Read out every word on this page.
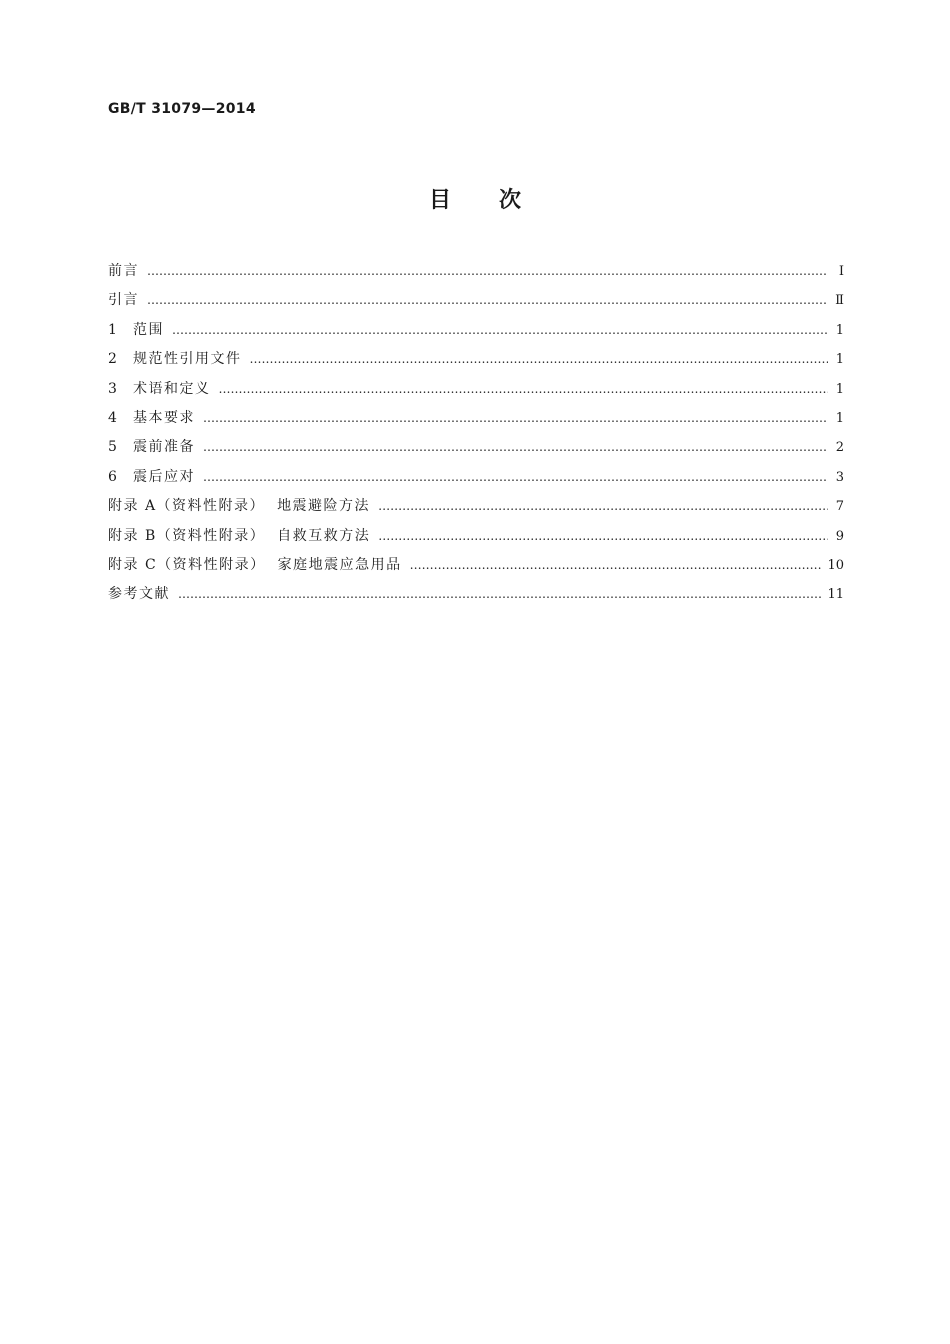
GB/T 31079—2014
目 次
前言 …………………………………………………………………………………………………………………………………………………………………………………………………………………………………	Ⅰ
引言 …………………………………………………………………………………………………………………………………………………………………………………………………………………………………	Ⅱ
1	范围 …………………………………………………………………………………………………………………………………………………………………………………………………………………………………	1
2	规范性引用文件 …………………………………………………………………………………………………………………………………………………………………………………………………………………………………	1
3	术语和定义 …………………………………………………………………………………………………………………………………………………………………………………………………………………………………	1
4	基本要求 …………………………………………………………………………………………………………………………………………………………………………………………………………………………………	1
5	震前准备 …………………………………………………………………………………………………………………………………………………………………………………………………………………………………	2
6	震后应对 …………………………………………………………………………………………………………………………………………………………………………………………………………………………………	3
附录 A（资料性附录） 地震避险方法 …………………………………………………………………………………………………………………………………………………………………………………………………………………………………	7
附录 B（资料性附录） 自救互救方法 …………………………………………………………………………………………………………………………………………………………………………………………………………………………………	9
附录 C（资料性附录） 家庭地震应急用品 …………………………………………………………………………………………………………………………………………………………………………………………………………………………………	10
参考文献 …………………………………………………………………………………………………………………………………………………………………………………………………………………………………	11
